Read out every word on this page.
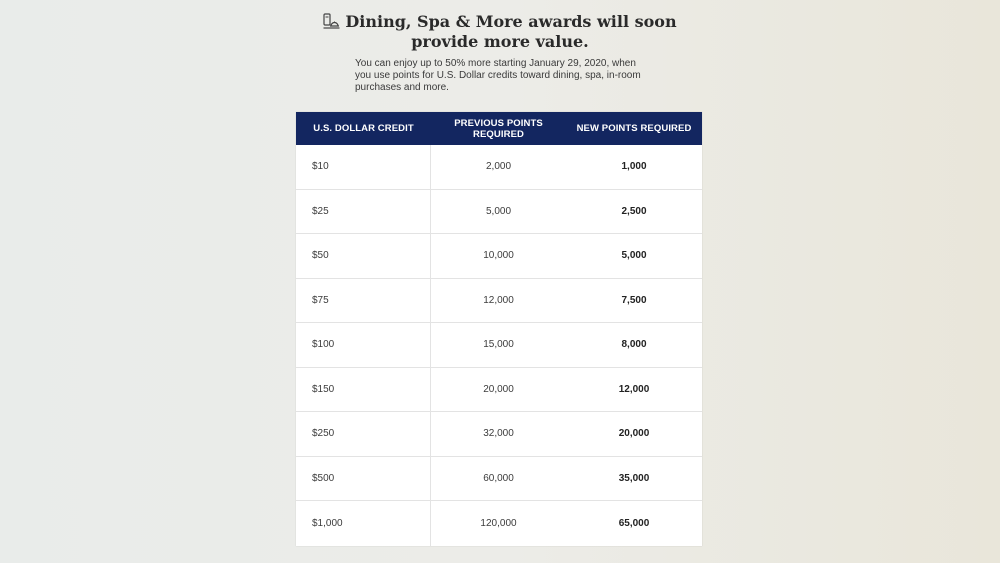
Dining, Spa & More awards will soon
provide more value.
You can enjoy up to 50% more starting January 29, 2020, when you use points for U.S. Dollar credits toward dining, spa, in-room purchases and more.
U.S. DOLLAR CREDIT	PREVIOUS POINTS REQUIRED	NEW POINTS REQUIRED
$10	2,000	1,000
$25	5,000	2,500
$50	10,000	5,000
$75	12,000	7,500
$100	15,000	8,000
$150	20,000	12,000
$250	32,000	20,000
$500	60,000	35,000
$1,000	120,000	65,000
